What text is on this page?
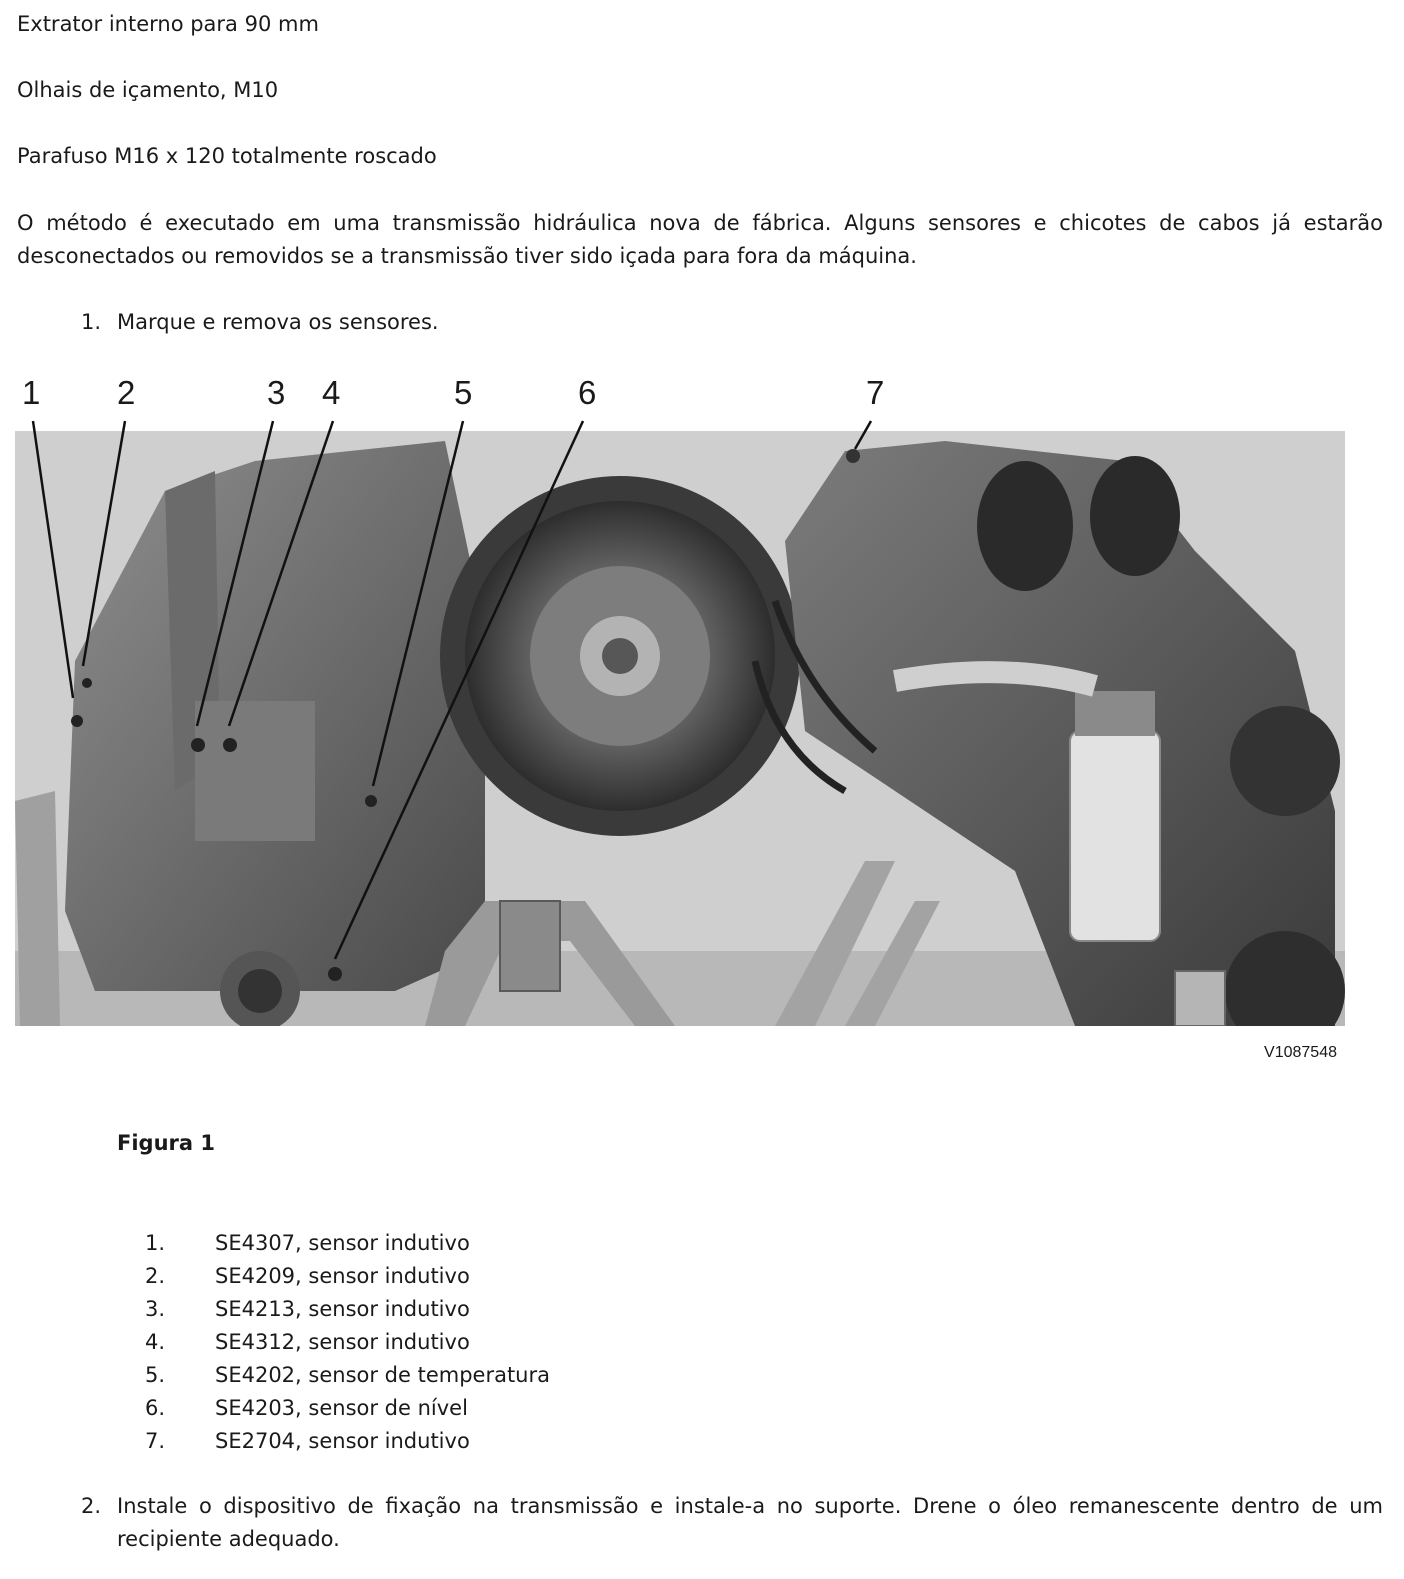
Extrator interno para 90 mm
Olhais de içamento, M10
Parafuso M16 x 120 totalmente roscado
O método é executado em uma transmissão hidráulica nova de fábrica. Alguns sensores e chicotes de cabos já estarão desconectados ou removidos se a transmissão tiver sido içada para fora da máquina.
1. Marque e remova os sensores.
1 2	3 4	5	6	7
V1087548
Figura 1
1.	SE4307, sensor indutivo
2.	SE4209, sensor indutivo
3.	SE4213, sensor indutivo
4.	SE4312, sensor indutivo
5.	SE4202, sensor de temperatura
6.	SE4203, sensor de nível
7.	SE2704, sensor indutivo
2. Instale o dispositivo de fixação na transmissão e instale-a no suporte. Drene o óleo remanescente dentro de um recipiente adequado.
